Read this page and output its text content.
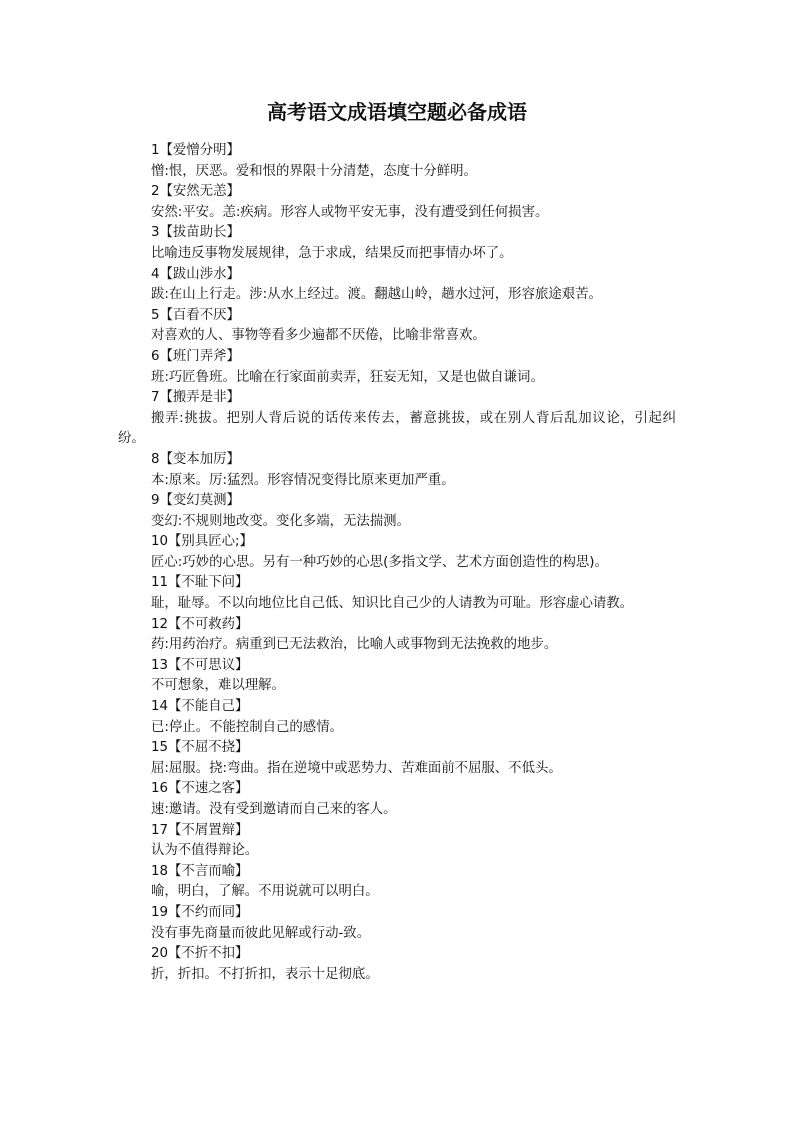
高考语文成语填空题必备成语
1【爱憎分明】
憎:恨，厌恶。爱和恨的界限十分清楚，态度十分鲜明。
2【安然无恙】
安然:平安。恙:疾病。形容人或物平安无事，没有遭受到任何损害。
3【拔苗助长】
比喻违反事物发展规律，急于求成，结果反而把事情办坏了。
4【跋山涉水】
跋:在山上行走。涉:从水上经过。渡。翻越山岭，趟水过河，形容旅途艰苦。
5【百看不厌】
对喜欢的人、事物等看多少遍都不厌倦，比喻非常喜欢。
6【班门弄斧】
班:巧匠鲁班。比喻在行家面前卖弄，狂妄无知，又是也做自谦词。
7【搬弄是非】
搬弄:挑拔。把别人背后说的话传来传去，蓄意挑拔，或在别人背后乱加议论，引起纠纷。
8【变本加厉】
本:原来。厉:猛烈。形容情况变得比原来更加严重。
9【变幻莫测】
变幻:不规则地改变。变化多端，无法揣测。
10【别具匠心;】
匠心:巧妙的心思。另有一种巧妙的心思(多指文学、艺术方面创造性的构思)。
11【不耻下问】
耻，耻辱。不以向地位比自己低、知识比自己少的人请教为可耻。形容虚心请教。
12【不可救药】
药:用药治疗。病重到已无法救治，比喻人或事物到无法挽救的地步。
13【不可思议】
不可想象，难以理解。
14【不能自己】
已:停止。不能控制自己的感情。
15【不屈不挠】
屈:屈服。挠:弯曲。指在逆境中或恶势力、苦难面前不屈服、不低头。
16【不速之客】
速:邀请。没有受到邀请而自己来的客人。
17【不屑置辩】
认为不值得辩论。
18【不言而喻】
喻，明白，了解。不用说就可以明白。
19【不约而同】
没有事先商量而彼此见解或行动-致。
20【不折不扣】
折，折扣。不打折扣，表示十足彻底。
